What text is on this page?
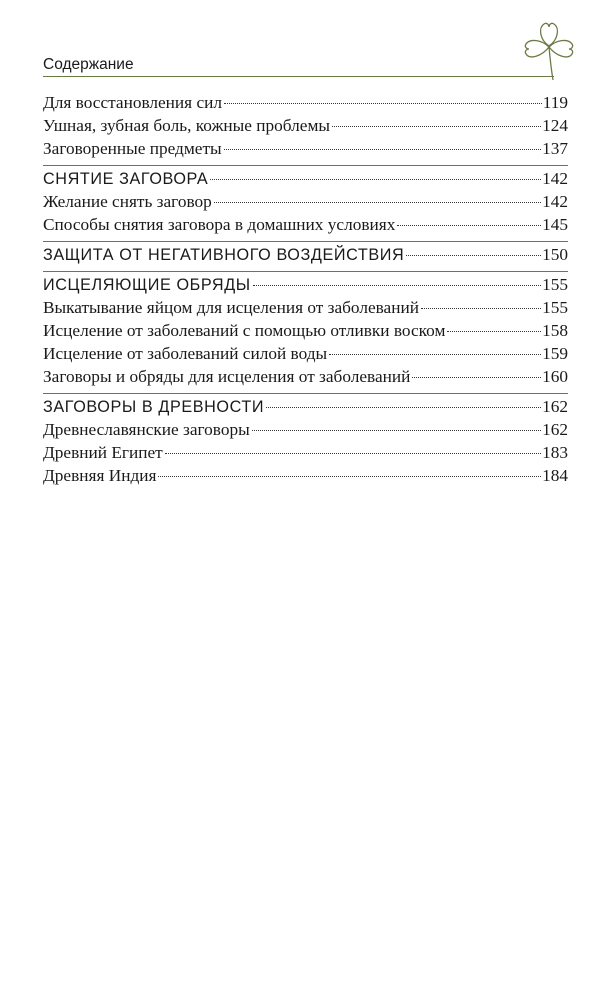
Содержание
Для восстановления сил	119
Ушная, зубная боль, кожные проблемы	124
Заговоренные предметы	137
СНЯТИЕ ЗАГОВОРА	142
Желание снять заговор	142
Способы снятия заговора в домашних условиях	145
ЗАЩИТА ОТ НЕГАТИВНОГО ВОЗДЕЙСТВИЯ	150
ИСЦЕЛЯЮЩИЕ ОБРЯДЫ	155
Выкатывание яйцом для исцеления от заболеваний	155
Исцеление от заболеваний с помощью отливки воском	158
Исцеление от заболеваний силой воды	159
Заговоры и обряды для исцеления от заболеваний	160
ЗАГОВОРЫ В ДРЕВНОСТИ	162
Древнеславянские заговоры	162
Древний Египет	183
Древняя Индия	184
